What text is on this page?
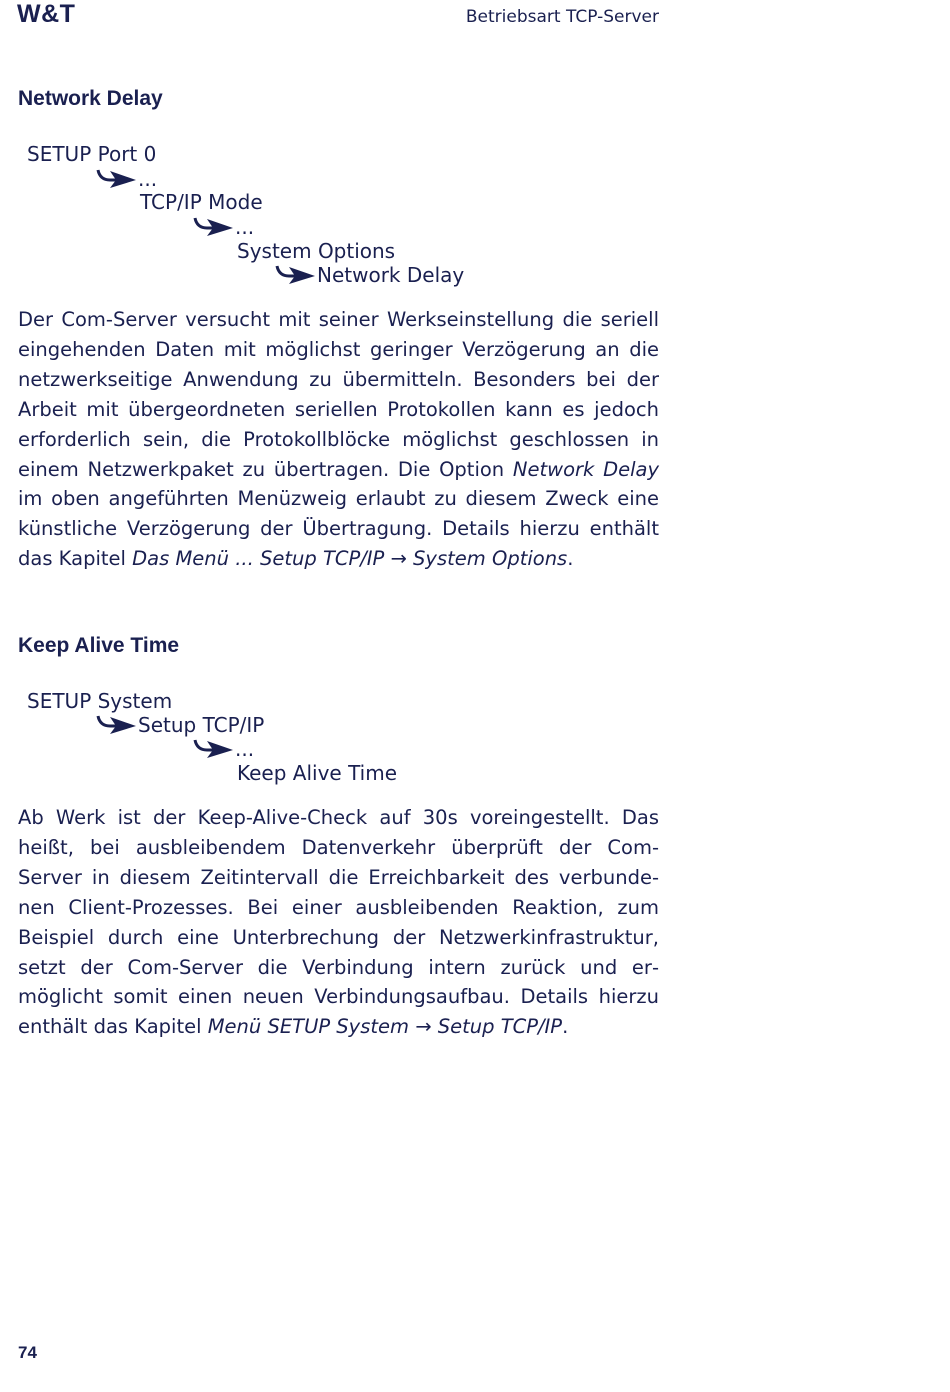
W&T	Betriebsart TCP-Server
Network Delay
SETUP Port 0
...
TCP/IP Mode
...
System Options
Network Delay

Der Com-Server versucht mit seiner Werkseinstellung die seriell eingehenden Daten mit möglichst geringer Verzögerung an die netzwerkseitige Anwendung zu übermitteln. Besonders bei der Arbeit mit übergeordneten seriellen Protokollen kann es jedoch erforderlich sein, die Protokollblöcke möglichst geschlossen in einem Netzwerkpaket zu übertragen. Die Option Network Delay im oben angeführten Menüzweig erlaubt zu diesem Zweck eine künstliche Verzögerung der Übertragung. Details hierzu enthält das Kapitel Das Menü ... Setup TCP/IP → System Options.

Keep Alive Time
SETUP System
Setup TCP/IP
...
Keep Alive Time

Ab Werk ist der Keep-Alive-Check auf 30s voreingestellt. Das heißt, bei ausbleibendem Datenverkehr überprüft der Com-Server in diesem Zeitintervall die Erreichbarkeit des verbundenen Client-Prozesses. Bei einer ausbleibenden Reaktion, zum Beispiel durch eine Unterbrechung der Netzwerkinfrastruktur, setzt der Com-Server die Verbindung intern zurück und ermöglicht somit einen neuen Verbindungsaufbau. Details hierzu enthält das Kapitel Menü SETUP System → Setup TCP/IP.

74
